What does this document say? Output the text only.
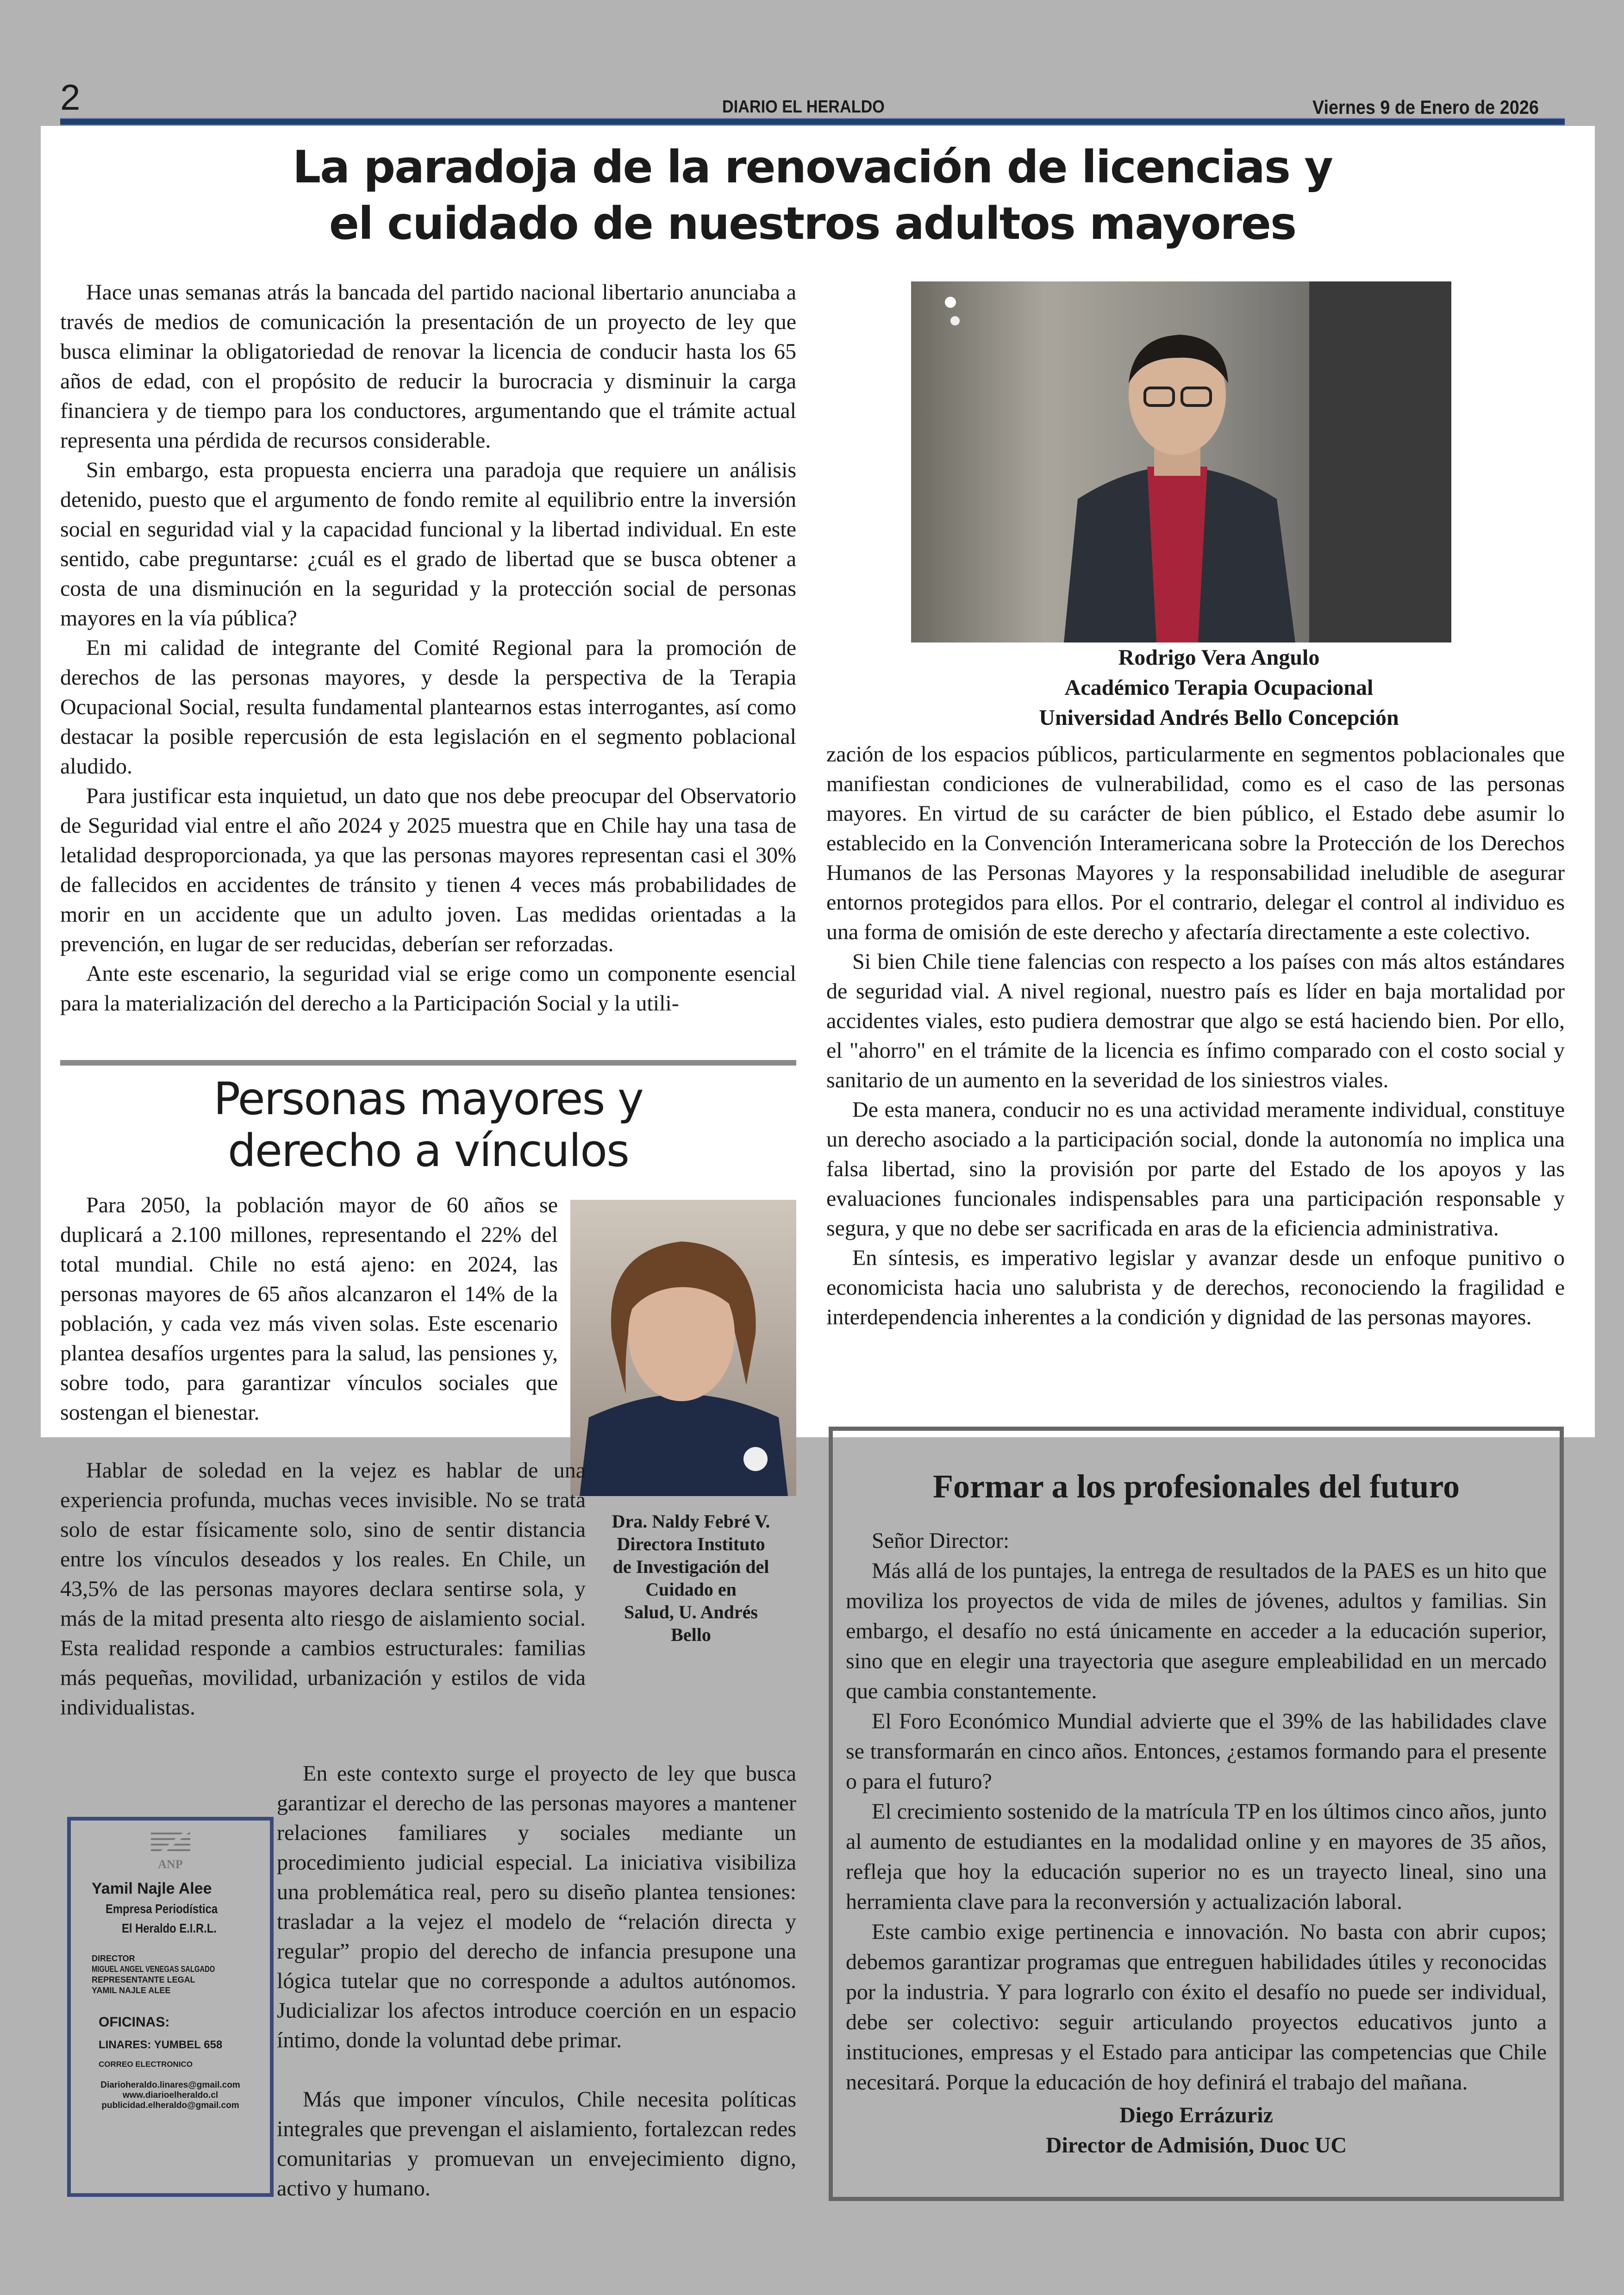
2	DIARIO EL HERALDO	Viernes 9 de Enero de 2026
La paradoja de la renovación de licencias y
el cuidado de nuestros adultos mayores

Hace unas semanas atrás la bancada del partido nacional libertario anunciaba a través de medios de comunicación la presentación de un proyecto de ley que busca eliminar la obligatoriedad de renovar la licencia de conducir hasta los 65 años de edad, con el propósito de reducir la burocracia y disminuir la carga financiera y de tiempo para los conductores, argumentando que el trámite actual representa una pérdida de recursos considerable.

Sin embargo, esta propuesta encierra una paradoja que requiere un análisis detenido, puesto que el argumento de fondo remite al equilibrio entre la inversión social en seguridad vial y la capacidad funcional y la libertad individual. En este sentido, cabe preguntarse: ¿cuál es el grado de libertad que se busca obtener a costa de una disminución en la seguridad y la protección social de personas mayores en la vía pública?

En mi calidad de integrante del Comité Regional para la promoción de derechos de las personas mayores, y desde la perspectiva de la Terapia Ocupacional Social, resulta fundamental plantearnos estas interrogantes, así como destacar la posible repercusión de esta legislación en el segmento poblacional aludido.

Para justificar esta inquietud, un dato que nos debe preocupar del Observatorio de Seguridad vial entre el año 2024 y 2025 muestra que en Chile hay una tasa de letalidad desproporcionada, ya que las personas mayores representan casi el 30% de fallecidos en accidentes de tránsito y tienen 4 veces más probabilidades de morir en un accidente que un adulto joven. Las medidas orientadas a la prevención, en lugar de ser reducidas, deberían ser reforzadas.

Ante este escenario, la seguridad vial se erige como un componente esencial para la materialización del derecho a la Participación Social y la utili-

Rodrigo Vera Angulo
Académico Terapia Ocupacional
Universidad Andrés Bello Concepción

zación de los espacios públicos, particularmente en segmentos poblacionales que manifiestan condiciones de vulnerabilidad, como es el caso de las personas mayores. En virtud de su carácter de bien público, el Estado debe asumir lo establecido en la Convención Interamericana sobre la Protección de los Derechos Humanos de las Personas Mayores y la responsabilidad ineludible de asegurar entornos protegidos para ellos. Por el contrario, delegar el control al individuo es una forma de omisión de este derecho y afectaría directamente a este colectivo.

Si bien Chile tiene falencias con respecto a los países con más altos estándares de seguridad vial. A nivel regional, nuestro país es líder en baja mortalidad por accidentes viales, esto pudiera demostrar que algo se está haciendo bien. Por ello, el "ahorro" en el trámite de la licencia es ínfimo comparado con el costo social y sanitario de un aumento en la severidad de los siniestros viales.

De esta manera, conducir no es una actividad meramente individual, constituye un derecho asociado a la participación social, donde la autonomía no implica una falsa libertad, sino la provisión por parte del Estado de los apoyos y las evaluaciones funcionales indispensables para una participación responsable y segura, y que no debe ser sacrificada en aras de la eficiencia administrativa.

En síntesis, es imperativo legislar y avanzar desde un enfoque punitivo o economicista hacia uno salubrista y de derechos, reconociendo la fragilidad e interdependencia inherentes a la condición y dignidad de las personas mayores.

Personas mayores y
derecho a vínculos

Para 2050, la población mayor de 60 años se duplicará a 2.100 millones, representando el 22% del total mundial. Chile no está ajeno: en 2024, las personas mayores de 65 años alcanzaron el 14% de la población, y cada vez más viven solas. Este escenario plantea desafíos urgentes para la salud, las pensiones y, sobre todo, para garantizar vínculos sociales que sostengan el bienestar.

Hablar de soledad en la vejez es hablar de una experiencia profunda, muchas veces invisible. No se trata solo de estar físicamente solo, sino de sentir distancia entre los vínculos deseados y los reales. En Chile, un 43,5% de las personas mayores declara sentirse sola, y más de la mitad presenta alto riesgo de aislamiento social. Esta realidad responde a cambios estructurales: familias más pequeñas, movilidad, urbanización y estilos de vida individualistas.

Dra. Naldy Febré V.
Directora Instituto
de Investigación del
Cuidado en
Salud, U. Andrés
Bello

En este contexto surge el proyecto de ley que busca garantizar el derecho de las personas mayores a mantener relaciones familiares y sociales mediante un procedimiento judicial especial. La iniciativa visibiliza una problemática real, pero su diseño plantea tensiones: trasladar a la vejez el modelo de “relación directa y regular” propio del derecho de infancia presupone una lógica tutelar que no corresponde a adultos autónomos. Judicializar los afectos introduce coerción en un espacio íntimo, donde la voluntad debe primar.

Más que imponer vínculos, Chile necesita políticas integrales que prevengan el aislamiento, fortalezcan redes comunitarias y promuevan un envejecimiento digno, activo y humano.

ANP
Yamil Najle Alee
Empresa Periodística
El Heraldo E.I.R.L.
DIRECTOR
MIGUEL ANGEL VENEGAS SALGADO
REPRESENTANTE LEGAL
YAMIL NAJLE ALEE
OFICINAS:
LINARES: YUMBEL 658
CORREO ELECTRONICO
Diarioheraldo.linares@gmail.com
www.diarioelheraldo.cl
publicidad.elheraldo@gmail.com
Formar a los profesionales del futuro

Señor Director:

Más allá de los puntajes, la entrega de resultados de la PAES es un hito que moviliza los proyectos de vida de miles de jóvenes, adultos y familias. Sin embargo, el desafío no está únicamente en acceder a la educación superior, sino que en elegir una trayectoria que asegure empleabilidad en un mercado que cambia constantemente.

El Foro Económico Mundial advierte que el 39% de las habilidades clave se transformarán en cinco años. Entonces, ¿estamos formando para el presente o para el futuro?

El crecimiento sostenido de la matrícula TP en los últimos cinco años, junto al aumento de estudiantes en la modalidad online y en mayores de 35 años, refleja que hoy la educación superior no es un trayecto lineal, sino una herramienta clave para la reconversión y actualización laboral.

Este cambio exige pertinencia e innovación. No basta con abrir cupos; debemos garantizar programas que entreguen habilidades útiles y reconocidas por la industria. Y para lograrlo con éxito el desafío no puede ser individual, debe ser colectivo: seguir articulando proyectos educativos junto a instituciones, empresas y el Estado para anticipar las competencias que Chile necesitará. Porque la educación de hoy definirá el trabajo del mañana.

Diego Errázuriz
Director de Admisión, Duoc UC
